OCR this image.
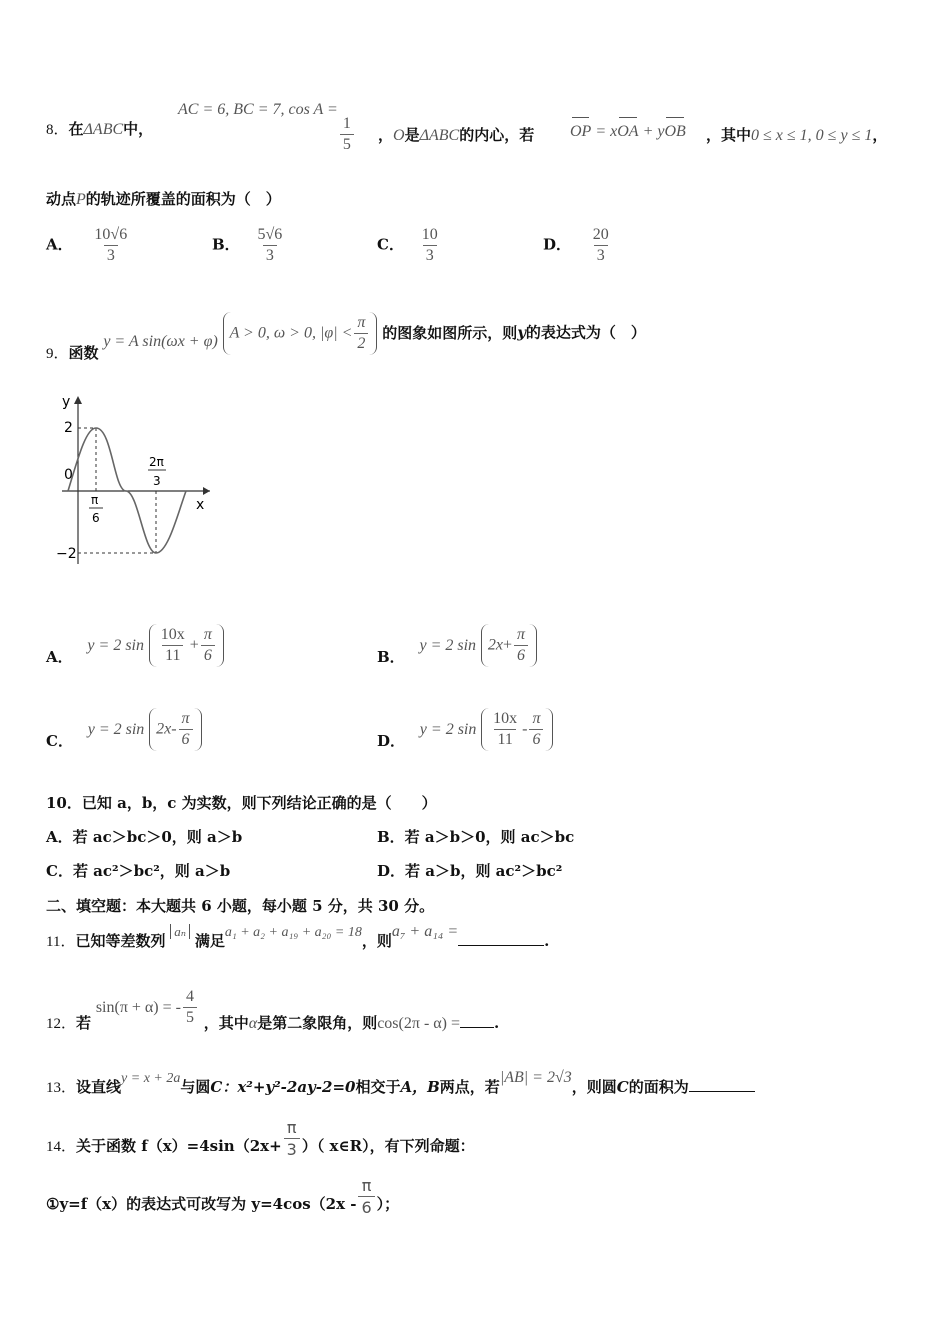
8．在ΔABC中，
AC = 6, BC = 7, cos A =
$\frac{1}{5}$ ，O是ΔABC的内心，若 OP = xOA + yOB ，其中0 ≤ x ≤ 1, 0 ≤ y ≤ 1，
动点P的轨迹所覆盖的面积为（　）
A． $\frac{10√6}{3}$	B． $\frac{5√6}{3}$	C． $\frac{10}{3}$	D． $\frac{20}{3}$
9．函数 y = A sin(ωx + φ) A > 0, ω > 0, $|\varphi| < \frac{\pi}{2}$ 的图象如图所示，则y的表达式为（　）
y
x
2
0
−2
π
6
2π
3
A． y = 2 $\sin \frac{10x}{11} + \frac{\pi}{6}$	B． y = 2 $\sin 2x+ \frac{\pi}{6}$
C． y = 2 $\sin 2x- \frac{\pi}{6}$	D． y = 2 $\sin \frac{10x}{11} - \frac{\pi}{6}$
10．已知 a，b，c 为实数，则下列结论正确的是（　　）
A．若 ac＞bc＞0，则 a＞b	B．若 a＞b＞0，则 ac＞bc
C．若 ac²＞bc²，则 a＞b	D．若 a＞b，则 ac²＞bc²
二、填空题：本大题共 6 小题，每小题 5 分，共 30 分。
11．已知等差数列 aₙ 满足a₁ + a₂ + a₁₉ + a₂₀ = 18，则a₇ + a₁₄ =.
12．若 sin(π + α) = - $\frac{4}{5}$ ，其中α是第二象限角，则cos(2π - α) = .
13．设直线y = x + 2a与圆C：x²+y²-2ay-2=0相交于A，B两点，若|AB| = 2√3，则圆C的面积为
14．关于函数 $f(x)=4\sin(2x+ \frac{\pi}{3}$ ）（ x∈R），有下列命题：
①y=f（x）的表达式可改写为 $y=4\cos(2x - \frac{\pi}{6}$ ）；
